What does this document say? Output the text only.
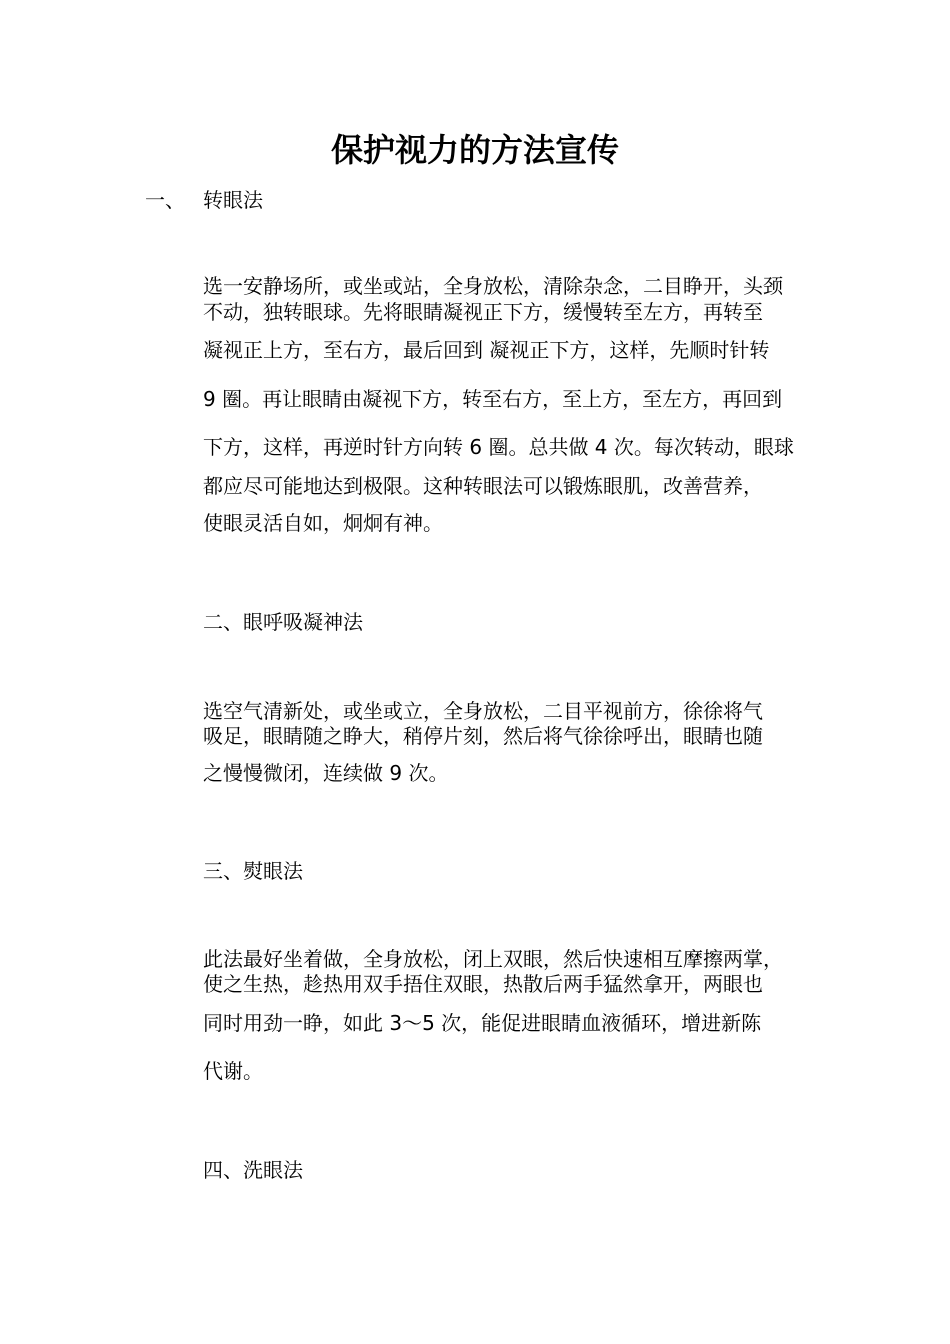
保护视力的方法宣传
一、 转眼法
选一安静场所，或坐或站，全身放松，清除杂念，二目睁开，头颈
不动，独转眼球。先将眼睛凝视正下方，缓慢转至左方，再转至
凝视正上方，至右方，最后回到 凝视正下方，这样，先顺时针转
9 圈。再让眼睛由凝视下方，转至右方，至上方，至左方，再回到
下方，这样，再逆时针方向转 6 圈。总共做 4 次。每次转动，眼球
都应尽可能地达到极限。这种转眼法可以锻炼眼肌，改善营养，
使眼灵活自如，炯炯有神。
二、眼呼吸凝神法
选空气清新处，或坐或立，全身放松，二目平视前方，徐徐将气
吸足，眼睛随之睁大，稍停片刻，然后将气徐徐呼出，眼睛也随
之慢慢微闭，连续做 9 次。
三、熨眼法
此法最好坐着做，全身放松，闭上双眼，然后快速相互摩擦两掌，
使之生热，趁热用双手捂住双眼，热散后两手猛然拿开，两眼也
同时用劲一睁，如此 3～5 次，能促进眼睛血液循环，增进新陈
代谢。
四、洗眼法
